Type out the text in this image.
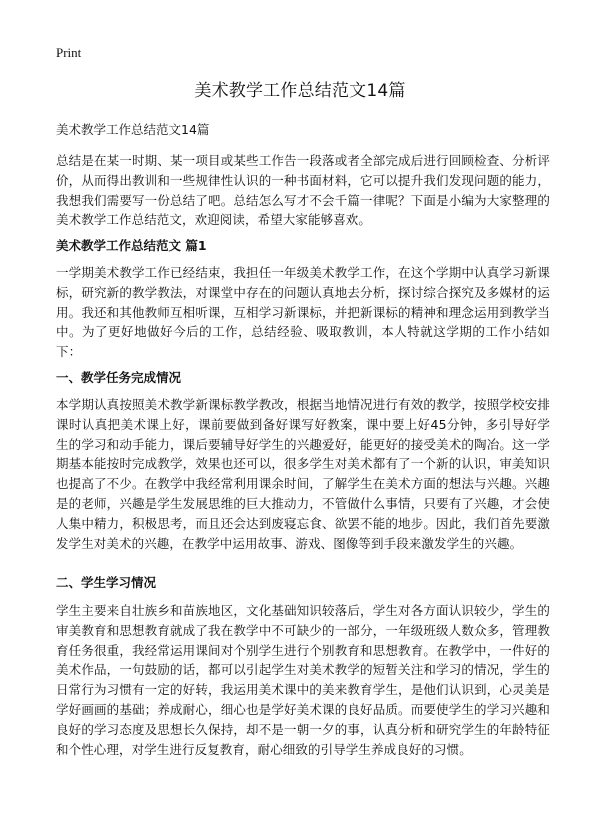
Print
美术教学工作总结范文14篇

美术教学工作总结范文14篇

总结是在某一时期、某一项目或某些工作告一段落或者全部完成后进行回顾检查、分析评价，从而得出教训和一些规律性认识的一种书面材料，它可以提升我们发现问题的能力，我想我们需要写一份总结了吧。总结怎么写才不会千篇一律呢？下面是小编为大家整理的美术教学工作总结范文，欢迎阅读，希望大家能够喜欢。

美术教学工作总结范文 篇1

一学期美术教学工作已经结束，我担任一年级美术教学工作，在这个学期中认真学习新课标，研究新的教学教法，对课堂中存在的问题认真地去分析，探讨综合探究及多媒材的运用。我还和其他教师互相听课，互相学习新课标，并把新课标的精神和理念运用到教学当中。为了更好地做好今后的工作，总结经验、吸取教训，本人特就这学期的工作小结如下：

一、教学任务完成情况

本学期认真按照美术教学新课标教学教改，根据当地情况进行有效的教学，按照学校安排课时认真把美术课上好，课前要做到备好课写好教案，课中要上好45分钟，多引导好学生的学习和动手能力，课后要辅导好学生的兴趣爱好，能更好的接受美术的陶冶。这一学期基本能按时完成教学，效果也还可以，很多学生对美术都有了一个新的认识，审美知识也提高了不少。在教学中我经常利用课余时间，了解学生在美术方面的想法与兴趣。兴趣是的老师，兴趣是学生发展思维的巨大推动力，不管做什么事情，只要有了兴趣，才会使人集中精力，积极思考，而且还会达到废寝忘食、欲罢不能的地步。因此，我们首先要激发学生对美术的兴趣，在教学中运用故事、游戏、图像等到手段来激发学生的兴趣。

二、学生学习情况

学生主要来自壮族乡和苗族地区，文化基础知识较落后，学生对各方面认识较少，学生的审美教育和思想教育就成了我在教学中不可缺少的一部分，一年级班级人数众多，管理教育任务很重，我经常运用课间对个别学生进行个别教育和思想教育。在教学中，一件好的美术作品，一句鼓励的话，都可以引起学生对美术教学的短暂关注和学习的情况，学生的日常行为习惯有一定的好转，我运用美术课中的美来教育学生，是他们认识到，心灵美是学好画画的基础；养成耐心，细心也是学好美术课的良好品质。而要使学生的学习兴趣和良好的学习态度及思想长久保持，却不是一朝一夕的事，认真分析和研究学生的年龄特征和个性心理，对学生进行反复教育，耐心细致的引导学生养成良好的习惯。
